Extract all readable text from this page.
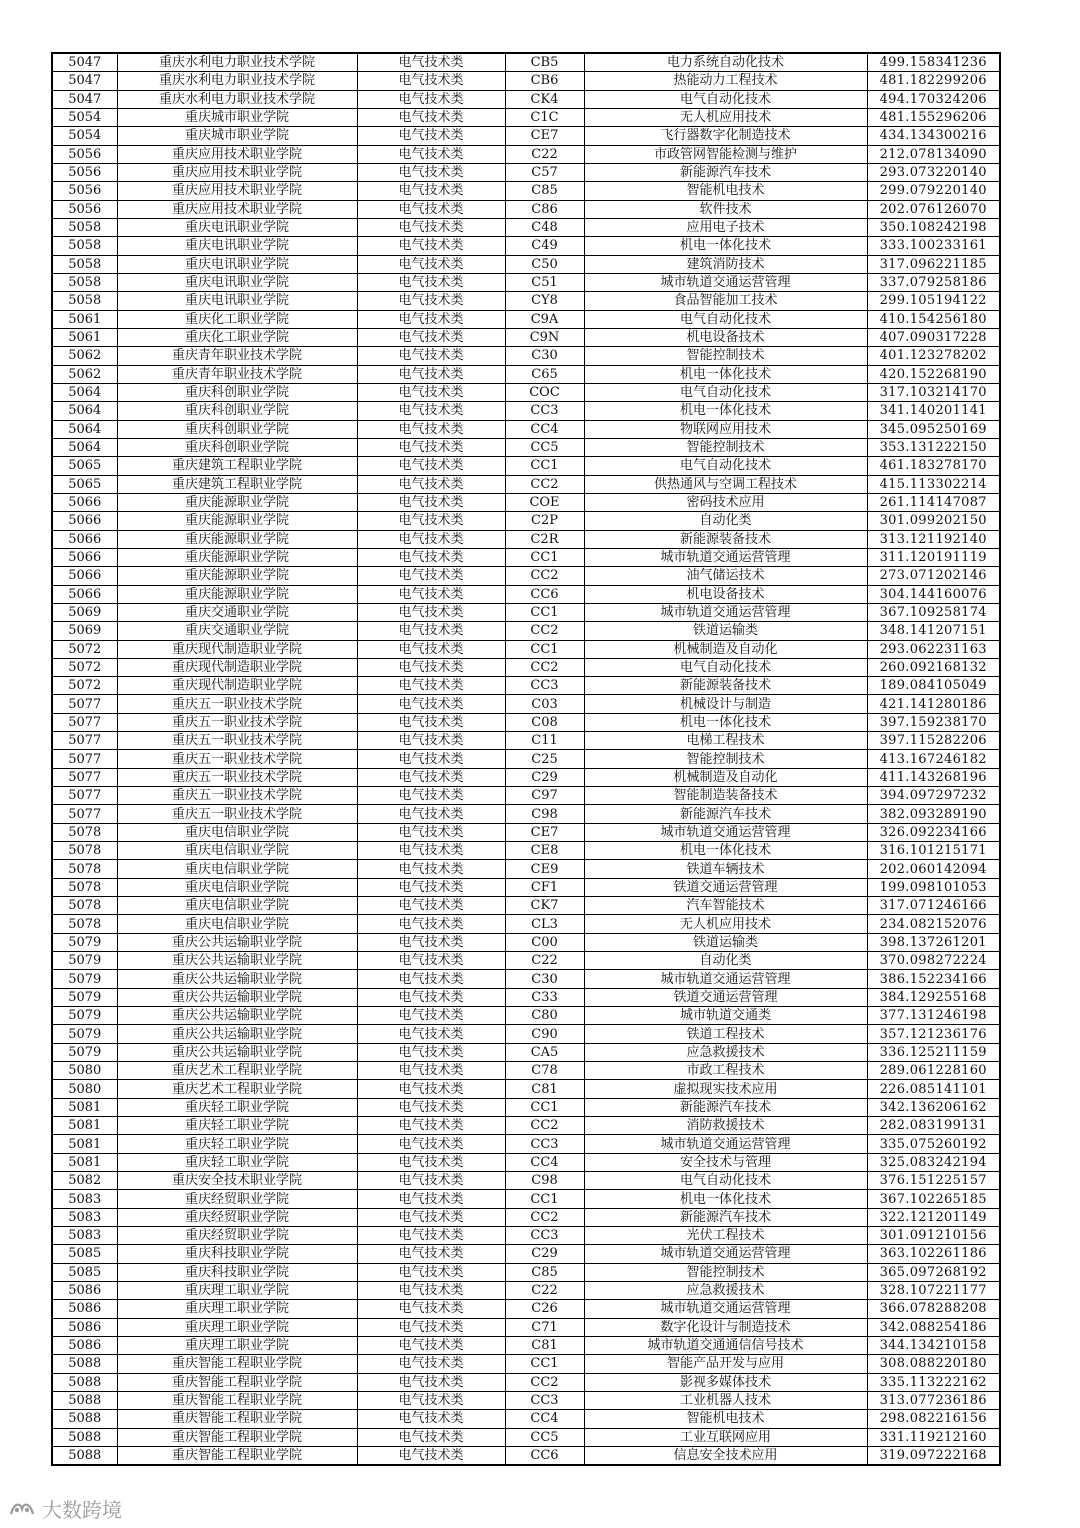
5047	重庆水利电力职业技术学院	电气技术类	CB5	电力系统自动化技术	499.158341236
5047	重庆水利电力职业技术学院	电气技术类	CB6	热能动力工程技术	481.182299206
5047	重庆水利电力职业技术学院	电气技术类	CK4	电气自动化技术	494.170324206
5054	重庆城市职业学院	电气技术类	C1C	无人机应用技术	481.155296206
5054	重庆城市职业学院	电气技术类	CE7	飞行器数字化制造技术	434.134300216
5056	重庆应用技术职业学院	电气技术类	C22	市政管网智能检测与维护	212.078134090
5056	重庆应用技术职业学院	电气技术类	C57	新能源汽车技术	293.073220140
5056	重庆应用技术职业学院	电气技术类	C85	智能机电技术	299.079220140
5056	重庆应用技术职业学院	电气技术类	C86	软件技术	202.076126070
5058	重庆电讯职业学院	电气技术类	C48	应用电子技术	350.108242198
5058	重庆电讯职业学院	电气技术类	C49	机电一体化技术	333.100233161
5058	重庆电讯职业学院	电气技术类	C50	建筑消防技术	317.096221185
5058	重庆电讯职业学院	电气技术类	C51	城市轨道交通运营管理	337.079258186
5058	重庆电讯职业学院	电气技术类	CY8	食品智能加工技术	299.105194122
5061	重庆化工职业学院	电气技术类	C9A	电气自动化技术	410.154256180
5061	重庆化工职业学院	电气技术类	C9N	机电设备技术	407.090317228
5062	重庆青年职业技术学院	电气技术类	C30	智能控制技术	401.123278202
5062	重庆青年职业技术学院	电气技术类	C65	机电一体化技术	420.152268190
5064	重庆科创职业学院	电气技术类	COC	电气自动化技术	317.103214170
5064	重庆科创职业学院	电气技术类	CC3	机电一体化技术	341.140201141
5064	重庆科创职业学院	电气技术类	CC4	物联网应用技术	345.095250169
5064	重庆科创职业学院	电气技术类	CC5	智能控制技术	353.131222150
5065	重庆建筑工程职业学院	电气技术类	CC1	电气自动化技术	461.183278170
5065	重庆建筑工程职业学院	电气技术类	CC2	供热通风与空调工程技术	415.113302214
5066	重庆能源职业学院	电气技术类	COE	密码技术应用	261.114147087
5066	重庆能源职业学院	电气技术类	C2P	自动化类	301.099202150
5066	重庆能源职业学院	电气技术类	C2R	新能源装备技术	313.121192140
5066	重庆能源职业学院	电气技术类	CC1	城市轨道交通运营管理	311.120191119
5066	重庆能源职业学院	电气技术类	CC2	油气储运技术	273.071202146
5066	重庆能源职业学院	电气技术类	CC6	机电设备技术	304.144160076
5069	重庆交通职业学院	电气技术类	CC1	城市轨道交通运营管理	367.109258174
5069	重庆交通职业学院	电气技术类	CC2	铁道运输类	348.141207151
5072	重庆现代制造职业学院	电气技术类	CC1	机械制造及自动化	293.062231163
5072	重庆现代制造职业学院	电气技术类	CC2	电气自动化技术	260.092168132
5072	重庆现代制造职业学院	电气技术类	CC3	新能源装备技术	189.084105049
5077	重庆五一职业技术学院	电气技术类	C03	机械设计与制造	421.141280186
5077	重庆五一职业技术学院	电气技术类	C08	机电一体化技术	397.159238170
5077	重庆五一职业技术学院	电气技术类	C11	电梯工程技术	397.115282206
5077	重庆五一职业技术学院	电气技术类	C25	智能控制技术	413.167246182
5077	重庆五一职业技术学院	电气技术类	C29	机械制造及自动化	411.143268196
5077	重庆五一职业技术学院	电气技术类	C97	智能制造装备技术	394.097297232
5077	重庆五一职业技术学院	电气技术类	C98	新能源汽车技术	382.093289190
5078	重庆电信职业学院	电气技术类	CE7	城市轨道交通运营管理	326.092234166
5078	重庆电信职业学院	电气技术类	CE8	机电一体化技术	316.101215171
5078	重庆电信职业学院	电气技术类	CE9	铁道车辆技术	202.060142094
5078	重庆电信职业学院	电气技术类	CF1	铁道交通运营管理	199.098101053
5078	重庆电信职业学院	电气技术类	CK7	汽车智能技术	317.071246166
5078	重庆电信职业学院	电气技术类	CL3	无人机应用技术	234.082152076
5079	重庆公共运输职业学院	电气技术类	C00	铁道运输类	398.137261201
5079	重庆公共运输职业学院	电气技术类	C22	自动化类	370.098272224
5079	重庆公共运输职业学院	电气技术类	C30	城市轨道交通运营管理	386.152234166
5079	重庆公共运输职业学院	电气技术类	C33	铁道交通运营管理	384.129255168
5079	重庆公共运输职业学院	电气技术类	C80	城市轨道交通类	377.131246198
5079	重庆公共运输职业学院	电气技术类	C90	铁道工程技术	357.121236176
5079	重庆公共运输职业学院	电气技术类	CA5	应急救援技术	336.125211159
5080	重庆艺术工程职业学院	电气技术类	C78	市政工程技术	289.061228160
5080	重庆艺术工程职业学院	电气技术类	C81	虚拟现实技术应用	226.085141101
5081	重庆轻工职业学院	电气技术类	CC1	新能源汽车技术	342.136206162
5081	重庆轻工职业学院	电气技术类	CC2	消防救援技术	282.083199131
5081	重庆轻工职业学院	电气技术类	CC3	城市轨道交通运营管理	335.075260192
5081	重庆轻工职业学院	电气技术类	CC4	安全技术与管理	325.083242194
5082	重庆安全技术职业学院	电气技术类	C98	电气自动化技术	376.151225157
5083	重庆经贸职业学院	电气技术类	CC1	机电一体化技术	367.102265185
5083	重庆经贸职业学院	电气技术类	CC2	新能源汽车技术	322.121201149
5083	重庆经贸职业学院	电气技术类	CC3	光伏工程技术	301.091210156
5085	重庆科技职业学院	电气技术类	C29	城市轨道交通运营管理	363.102261186
5085	重庆科技职业学院	电气技术类	C85	智能控制技术	365.097268192
5086	重庆理工职业学院	电气技术类	C22	应急救援技术	328.107221177
5086	重庆理工职业学院	电气技术类	C26	城市轨道交通运营管理	366.078288208
5086	重庆理工职业学院	电气技术类	C71	数字化设计与制造技术	342.088254186
5086	重庆理工职业学院	电气技术类	C81	城市轨道交通通信信号技术	344.134210158
5088	重庆智能工程职业学院	电气技术类	CC1	智能产品开发与应用	308.088220180
5088	重庆智能工程职业学院	电气技术类	CC2	影视多媒体技术	335.113222162
5088	重庆智能工程职业学院	电气技术类	CC3	工业机器人技术	313.077236186
5088	重庆智能工程职业学院	电气技术类	CC4	智能机电技术	298.082216156
5088	重庆智能工程职业学院	电气技术类	CC5	工业互联网应用	331.119212160
5088	重庆智能工程职业学院	电气技术类	CC6	信息安全技术应用	319.097222168
大数跨境
